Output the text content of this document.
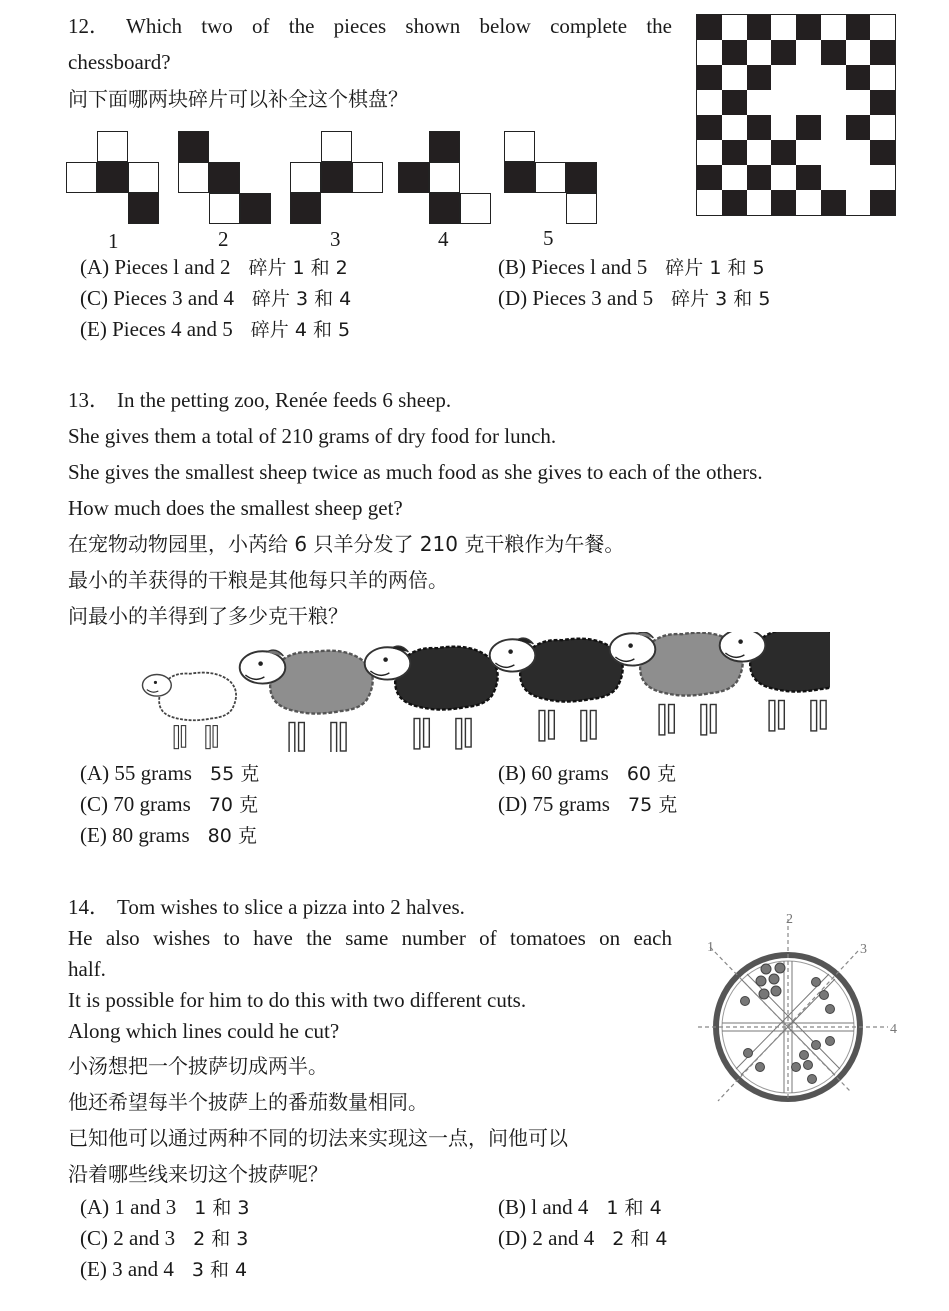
12． Which two of the pieces shown below complete the
chessboard?
问下面哪两块碎片可以补全这个棋盘？
1	2	3	4	5
(A) Pieces l and 2 碎片 1 和 2	(B) Pieces l and 5 碎片 1 和 5
(C) Pieces 3 and 4 碎片 3 和 4	(D) Pieces 3 and 5 碎片 3 和 5
(E) Pieces 4 and 5 碎片 4 和 5
13． In the petting zoo, Renée feeds 6 sheep.
She gives them a total of 210 grams of dry food for lunch.
She gives the smallest sheep twice as much food as she gives to each of the others.
How much does the smallest sheep get?
在宠物动物园里，小芮给 6 只羊分发了 210 克干粮作为午餐。
最小的羊获得的干粮是其他每只羊的两倍。
问最小的羊得到了多少克干粮？
(A) 55 grams 55 克	(B) 60 grams 60 克
(C) 70 grams 70 克	(D) 75 grams 75 克
(E) 80 grams 80 克
14． Tom wishes to slice a pizza into 2 halves.
He also wishes to have the same number of tomatoes on each
half.
It is possible for him to do this with two different cuts.
Along which lines could he cut?
小汤想把一个披萨切成两半。
他还希望每半个披萨上的番茄数量相同。
已知他可以通过两种不同的切法来实现这一点，问他可以
沿着哪些线来切这个披萨呢？
1
2
3
4
(A) 1 and 3 1 和 3	(B) l and 4 1 和 4
(C) 2 and 3 2 和 3	(D) 2 and 4 2 和 4
(E) 3 and 4 3 和 4
